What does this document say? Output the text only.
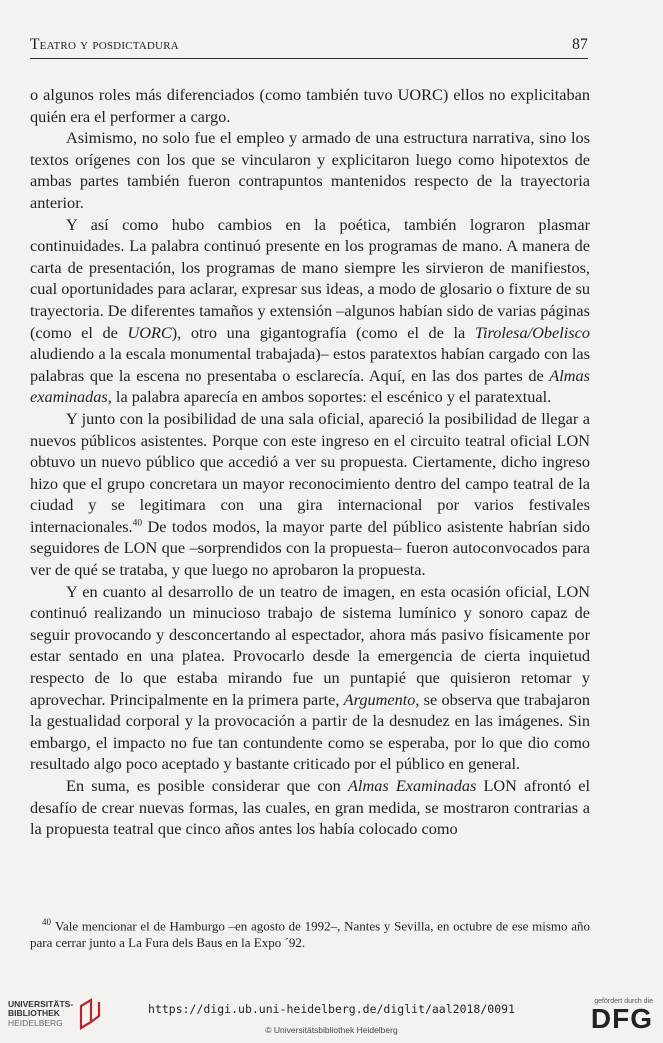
Teatro y posdictadura	87

o algunos roles más diferenciados (como también tuvo UORC) ellos no explicitaban quién era el performer a cargo.

Asimismo, no solo fue el empleo y armado de una estructura narrativa, sino los textos orígenes con los que se vincularon y explicitaron luego como hipotextos de ambas partes también fueron contrapuntos mantenidos respecto de la trayectoria anterior.

Y así como hubo cambios en la poética, también lograron plasmar continuidades. La palabra continuó presente en los programas de mano. A manera de carta de presentación, los programas de mano siempre les sirvieron de manifiestos, cual oportunidades para aclarar, expresar sus ideas, a modo de glosario o fixture de su trayectoria. De diferentes tamaños y extensión –algunos habían sido de varias páginas (como el de UORC), otro una gigantografía (como el de la Tirolesa/Obelisco aludiendo a la escala monumental trabajada)– estos paratextos habían cargado con las palabras que la escena no presentaba o esclarecía. Aquí, en las dos partes de Almas examinadas, la palabra aparecía en ambos soportes: el escénico y el paratextual.

Y junto con la posibilidad de una sala oficial, apareció la posibilidad de llegar a nuevos públicos asistentes. Porque con este ingreso en el circuito teatral oficial LON obtuvo un nuevo público que accedió a ver su propuesta. Ciertamente, dicho ingreso hizo que el grupo concretara un mayor reconocimiento dentro del campo teatral de la ciudad y se legitimara con una gira internacional por varios festivales internacionales.$^{40}$ De todos modos, la mayor parte del público asistente habrían sido seguidores de LON que –sorprendidos con la propuesta– fueron autoconvocados para ver de qué se trataba, y que luego no aprobaron la propuesta.

Y en cuanto al desarrollo de un teatro de imagen, en esta ocasión oficial, LON continuó realizando un minucioso trabajo de sistema lumínico y sonoro capaz de seguir provocando y desconcertando al espectador, ahora más pasivo físicamente por estar sentado en una platea. Provocarlo desde la emergencia de cierta inquietud respecto de lo que estaba mirando fue un puntapié que quisieron retomar y aprovechar. Principalmente en la primera parte, Argumento, se observa que trabajaron la gestualidad corporal y la provocación a partir de la desnudez en las imágenes. Sin embargo, el impacto no fue tan contundente como se esperaba, por lo que dio como resultado algo poco aceptado y bastante criticado por el público en general.

En suma, es posible considerar que con Almas Examinadas LON afrontó el desafío de crear nuevas formas, las cuales, en gran medida, se mostraron contrarias a la propuesta teatral que cinco años antes los había colocado como

$^{40}$ Vale mencionar el de Hamburgo –en agosto de 1992–, Nantes y Sevilla, en octubre de ese mismo año para cerrar junto a La Fura dels Baus en la Expo ´92.
UNIVERSITÄTS-
BIBLIOTHEK
HEIDELBERG
https://digi.ub.uni-heidelberg.de/diglit/aal2018/0091
© Universitätsbibliothek Heidelberg
gefördert durch die
DFG
